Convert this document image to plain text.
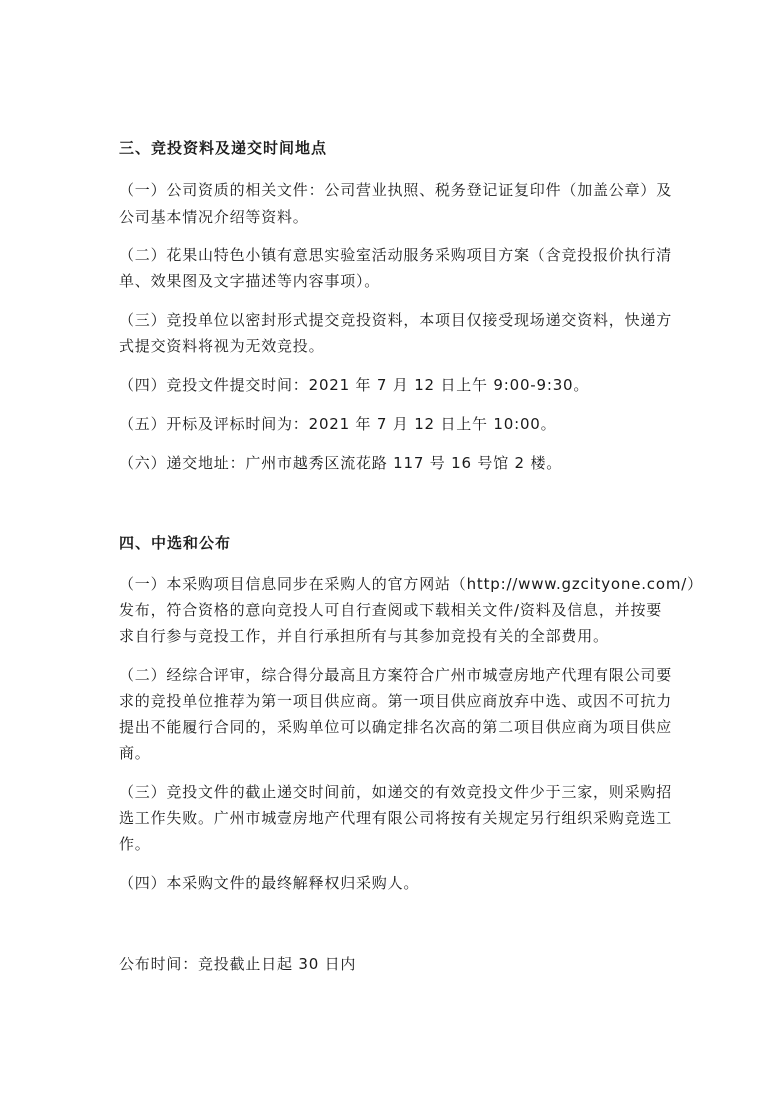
三、竞投资料及递交时间地点
（一）公司资质的相关文件：公司营业执照、税务登记证复印件（加盖公章）及
公司基本情况介绍等资料。
（二）花果山特色小镇有意思实验室活动服务采购项目方案（含竞投报价执行清
单、效果图及文字描述等内容事项）。
（三）竞投单位以密封形式提交竞投资料，本项目仅接受现场递交资料，快递方
式提交资料将视为无效竞投。
（四）竞投文件提交时间：2021 年 7 月 12 日上午 9:00-9:30。
（五）开标及评标时间为：2021 年 7 月 12 日上午 10:00。
（六）递交地址：广州市越秀区流花路 117 号 16 号馆 2 楼。
四、中选和公布
（一）本采购项目信息同步在采购人的官方网站（http://www.gzcityone.com/）
发布，符合资格的意向竞投人可自行查阅或下载相关文件/资料及信息，并按要
求自行参与竞投工作，并自行承担所有与其参加竞投有关的全部费用。
（二）经综合评审，综合得分最高且方案符合广州市城壹房地产代理有限公司要
求的竞投单位推荐为第一项目供应商。第一项目供应商放弃中选、或因不可抗力
提出不能履行合同的，采购单位可以确定排名次高的第二项目供应商为项目供应
商。
（三）竞投文件的截止递交时间前，如递交的有效竞投文件少于三家，则采购招
选工作失败。广州市城壹房地产代理有限公司将按有关规定另行组织采购竞选工
作。
（四）本采购文件的最终解释权归采购人。
公布时间：竞投截止日起 30 日内
